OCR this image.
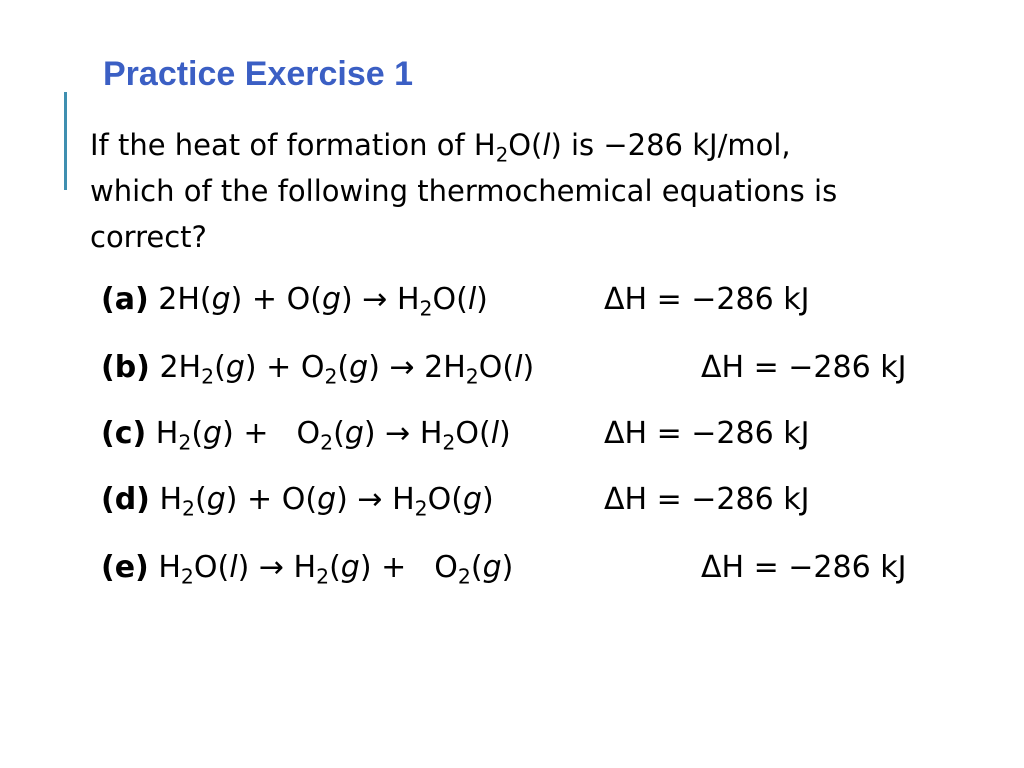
Practice Exercise 1
If the heat of formation of $H_2O(l)$ is −286 kJ∕mol,
which of the following thermochemical equations is
correct?
(a) $2H(g) + O(g) \to H_2O(l)$	ΔH = −286 kJ
(b) $2H_2(g) + O_2(g) \to 2H_2O(l)$	ΔH = −286 kJ
(c) $H_2(g) + O_2(g) \to H_2O(l)$	ΔH = −286 kJ
(d) $H_2(g) + O(g) \to H_2O(g)$	ΔH = −286 kJ
(e) $H_2O(l) \to H_2(g) + O_2(g)$	ΔH = −286 kJ
